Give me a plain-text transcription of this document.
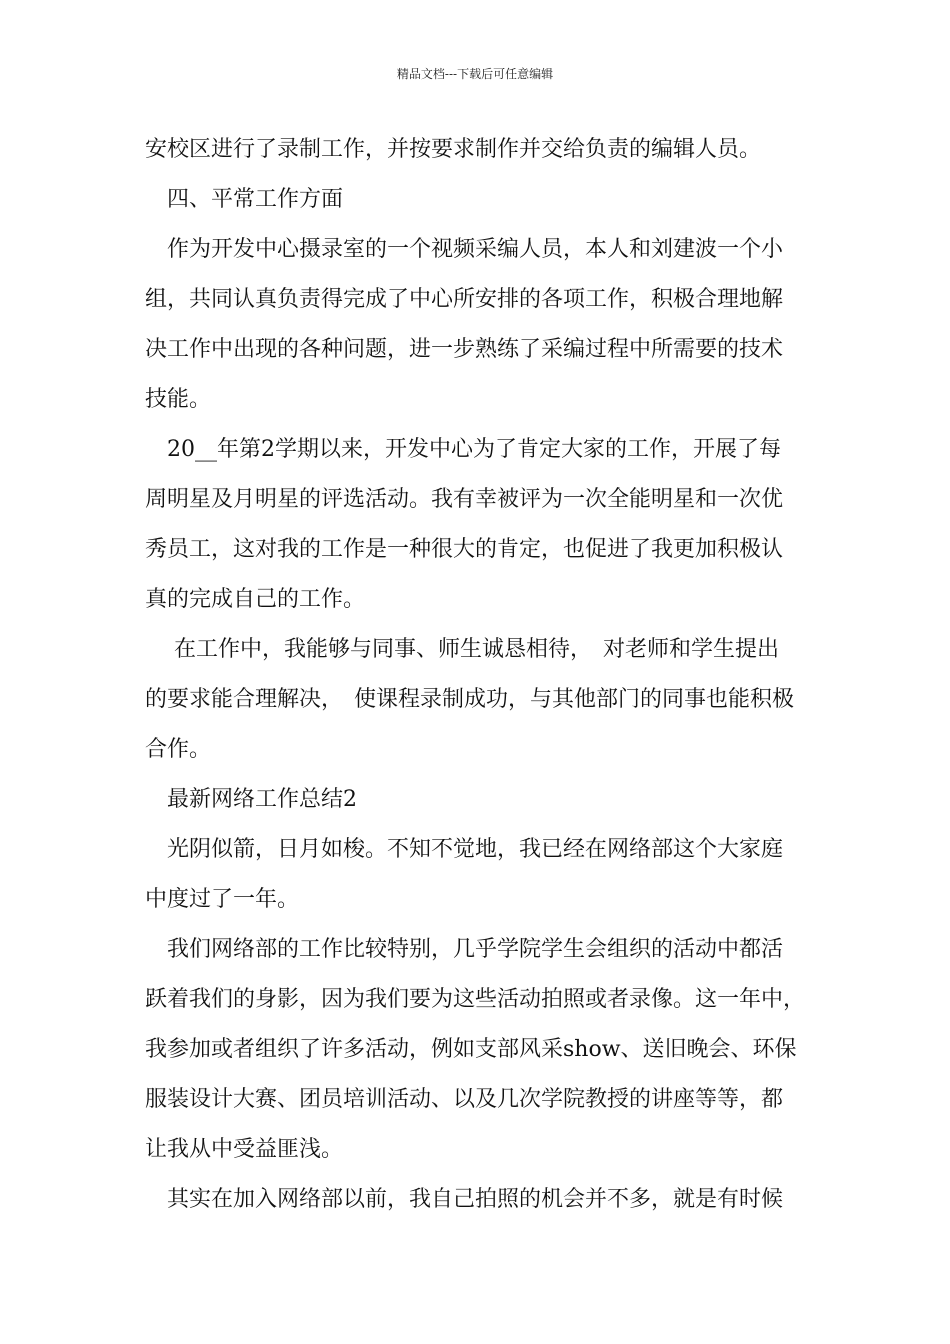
精品文档---下载后可任意编辑
安校区进行了录制工作，并按要求制作并交给负责的编辑人员。
　四、平常工作方面
　作为开发中心摄录室的一个视频采编人员，本人和刘建波一个小
组，共同认真负责得完成了中心所安排的各项工作，积极合理地解
决工作中出现的各种问题，进一步熟练了采编过程中所需要的技术
技能。
　20__年第2学期以来，开发中心为了肯定大家的工作，开展了每
周明星及月明星的评选活动。我有幸被评为一次全能明星和一次优
秀员工，这对我的工作是一种很大的肯定，也促进了我更加积极认
真的完成自己的工作。
　 在工作中，我能够与同事、师生诚恳相待，　对老师和学生提出
的要求能合理解决，　使课程录制成功，与其他部门的同事也能积极
合作。
　最新网络工作总结2
　光阴似箭，日月如梭。不知不觉地，我已经在网络部这个大家庭
中度过了一年。
　我们网络部的工作比较特别，几乎学院学生会组织的活动中都活
跃着我们的身影，因为我们要为这些活动拍照或者录像。这一年中，
我参加或者组织了许多活动，例如支部风采show、送旧晚会、环保
服装设计大赛、团员培训活动、以及几次学院教授的讲座等等，都
让我从中受益匪浅。
　其实在加入网络部以前，我自己拍照的机会并不多，就是有时候
